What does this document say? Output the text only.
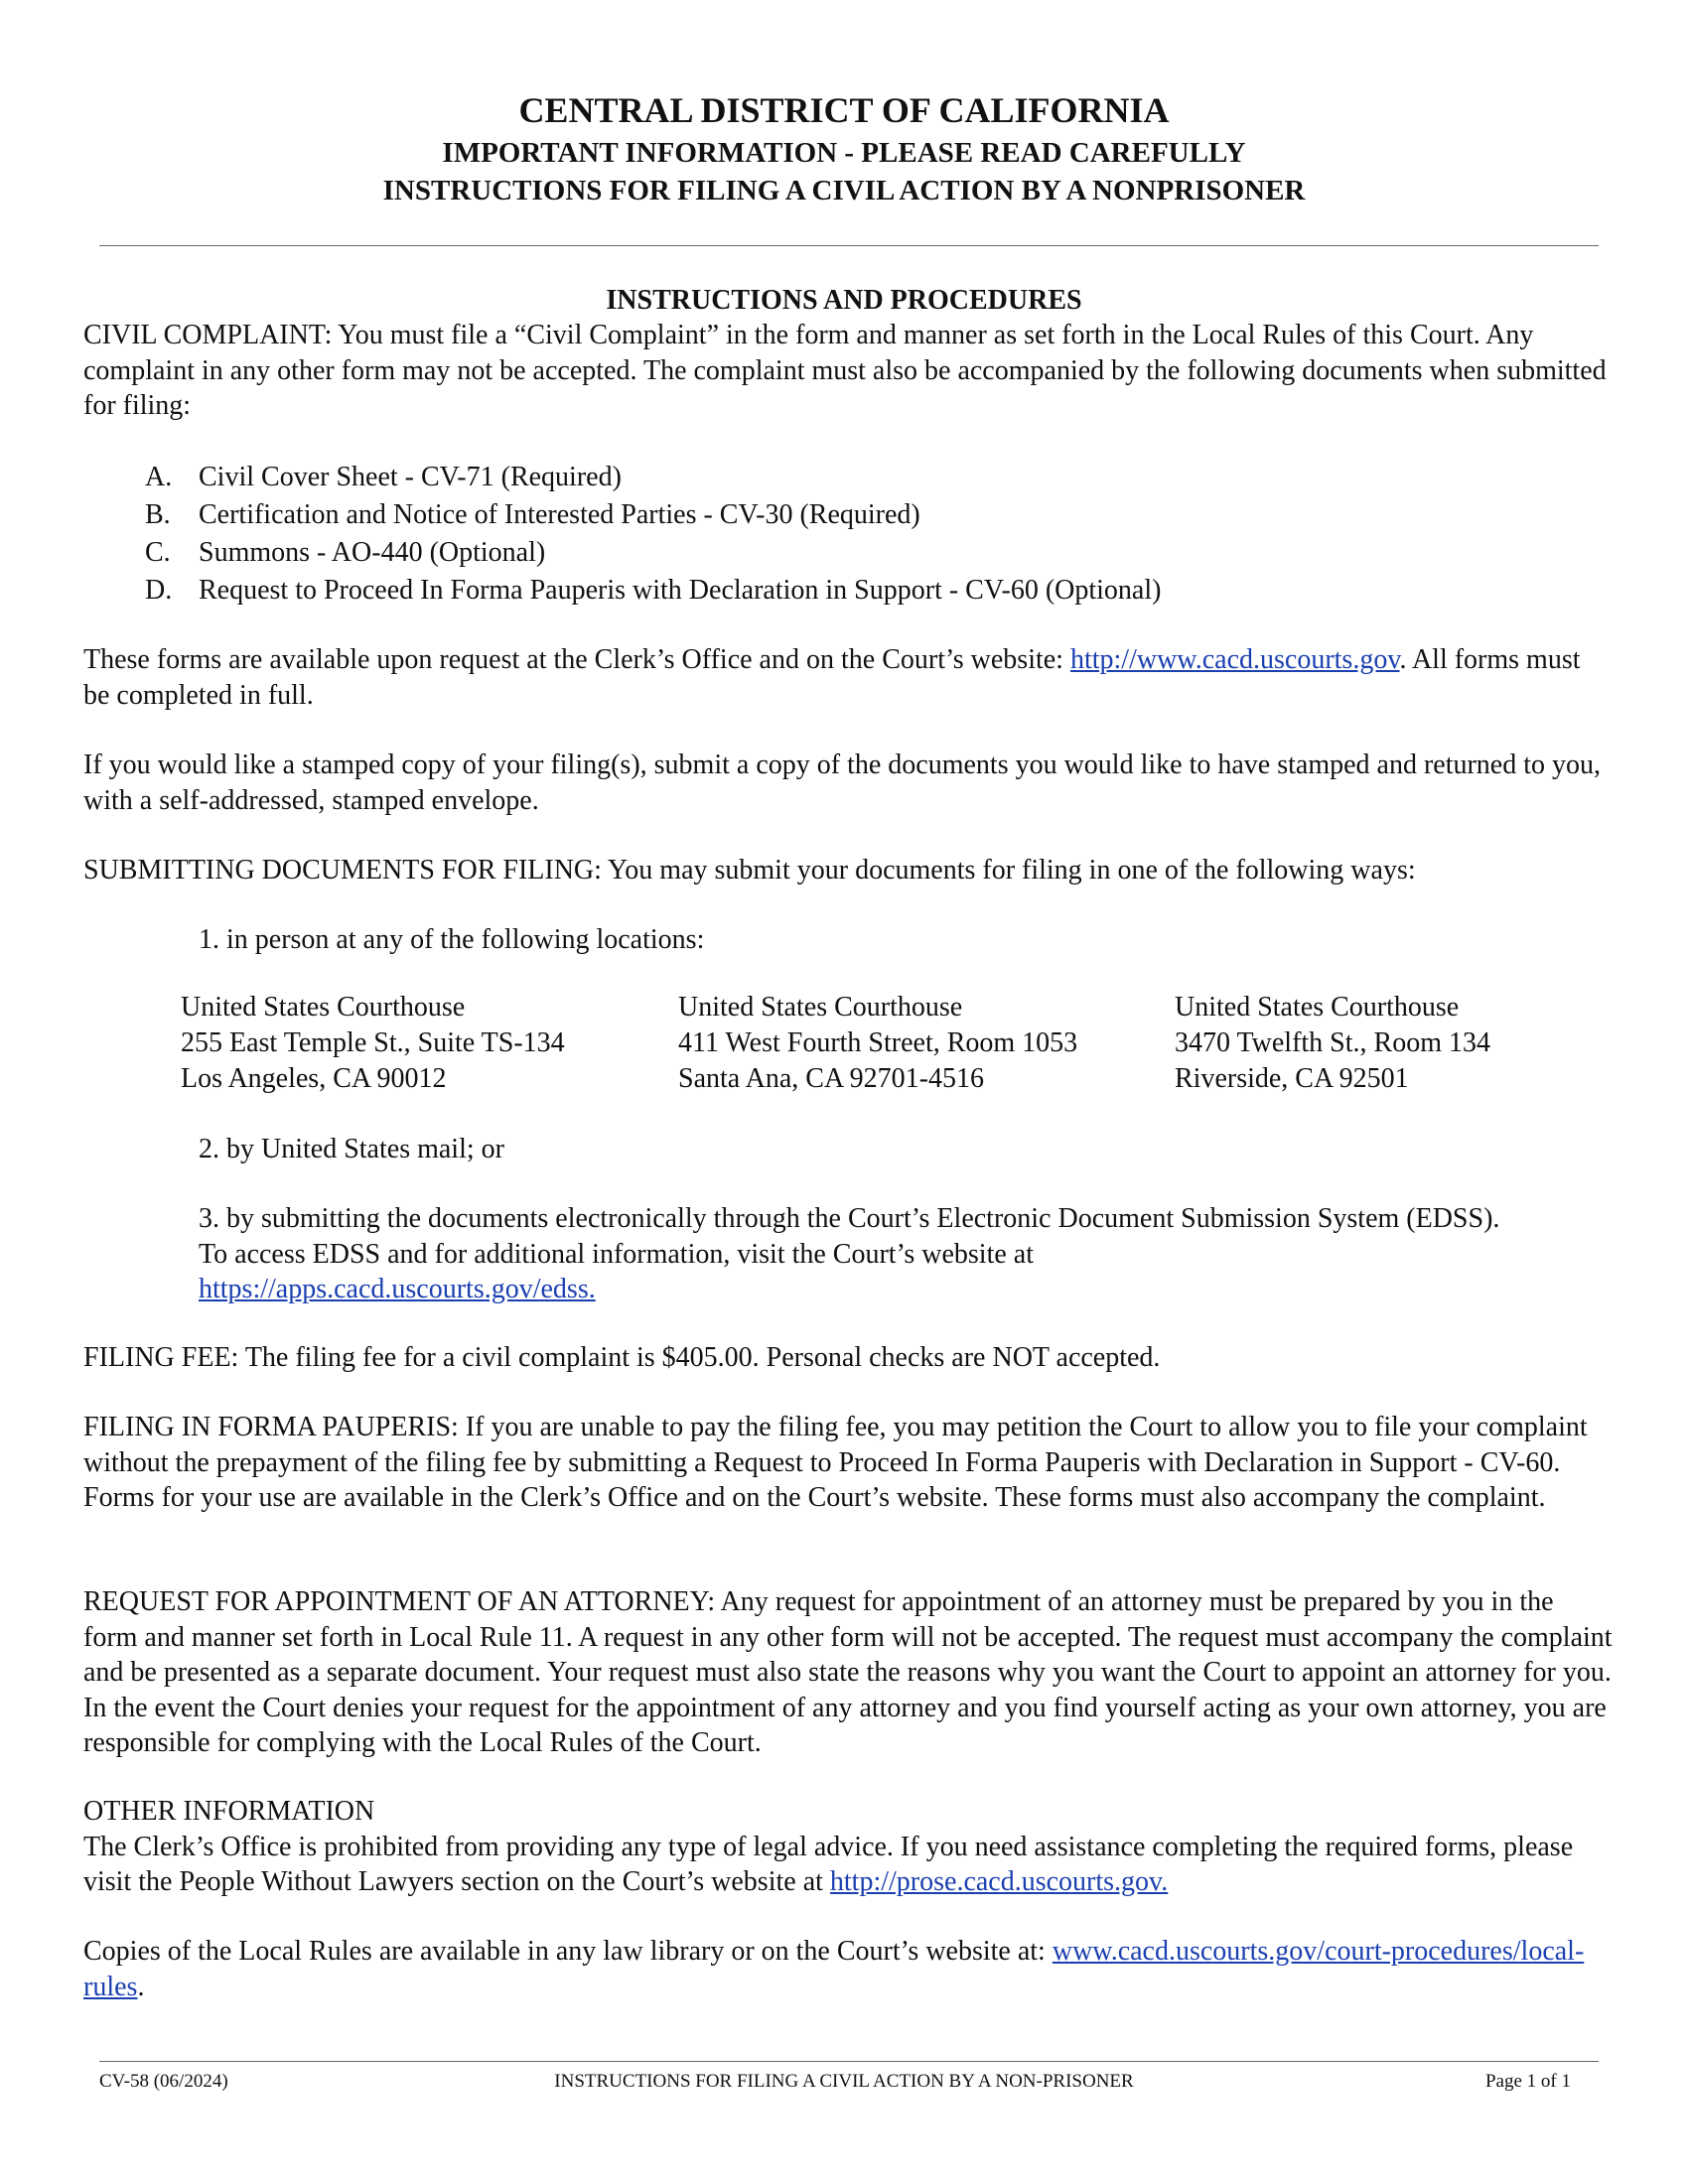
CENTRAL DISTRICT OF CALIFORNIA
IMPORTANT INFORMATION - PLEASE READ CAREFULLY
INSTRUCTIONS FOR FILING A CIVIL ACTION BY A NONPRISONER
INSTRUCTIONS AND PROCEDURES
CIVIL COMPLAINT: You must file a “Civil Complaint” in the form and manner as set forth in the Local Rules of this Court. Any complaint in any other form may not be accepted. The complaint must also be accompanied by the following documents when submitted for filing:
A. Civil Cover Sheet - CV-71 (Required)
B.	Certification and Notice of Interested Parties - CV-30 (Required)
C.	Summons - AO-440 (Optional)
D. Request to Proceed In Forma Pauperis with Declaration in Support - CV-60 (Optional)
These forms are available upon request at the Clerk’s Office and on the Court’s website: http://www.cacd.uscourts.gov. All forms must be completed in full.
If you would like a stamped copy of your filing(s), submit a copy of the documents you would like to have stamped and returned to you, with a self-addressed, stamped envelope.
SUBMITTING DOCUMENTS FOR FILING: You may submit your documents for filing in one of the following ways:
1. in person at any of the following locations:
United States Courthouse
255 East Temple St., Suite TS-134
Los Angeles, CA 90012
United States Courthouse
411 West Fourth Street, Room 1053
Santa Ana, CA 92701-4516
United States Courthouse
3470 Twelfth St., Room 134
Riverside, CA 92501
2. by United States mail; or
3. by submitting the documents electronically through the Court’s Electronic Document Submission System (EDSS). To access EDSS and for additional information, visit the Court’s website at
https://apps.cacd.uscourts.gov/edss.
FILING FEE: The filing fee for a civil complaint is $405.00. Personal checks are NOT accepted.
FILING IN FORMA PAUPERIS: If you are unable to pay the filing fee, you may petition the Court to allow you to file your complaint without the prepayment of the filing fee by submitting a Request to Proceed In Forma Pauperis with Declaration in Support - CV-60. Forms for your use are available in the Clerk’s Office and on the Court’s website. These forms must also accompany the complaint.
REQUEST FOR APPOINTMENT OF AN ATTORNEY: Any request for appointment of an attorney must be prepared by you in the form and manner set forth in Local Rule 11. A request in any other form will not be accepted. The request must accompany the complaint and be presented as a separate document. Your request must also state the reasons why you want the Court to appoint an attorney for you. In the event the Court denies your request for the appointment of any attorney and you find yourself acting as your own attorney, you are responsible for complying with the Local Rules of the Court.
OTHER INFORMATION
The Clerk’s Office is prohibited from providing any type of legal advice. If you need assistance completing the required forms, please visit the People Without Lawyers section on the Court’s website at http://prose.cacd.uscourts.gov.
Copies of the Local Rules are available in any law library or on the Court’s website at: www.cacd.uscourts.gov/court-procedures/local-rules.
CV-58 (06/2024)	INSTRUCTIONS FOR FILING A CIVIL ACTION BY A NON-PRISONER	Page 1 of 1
